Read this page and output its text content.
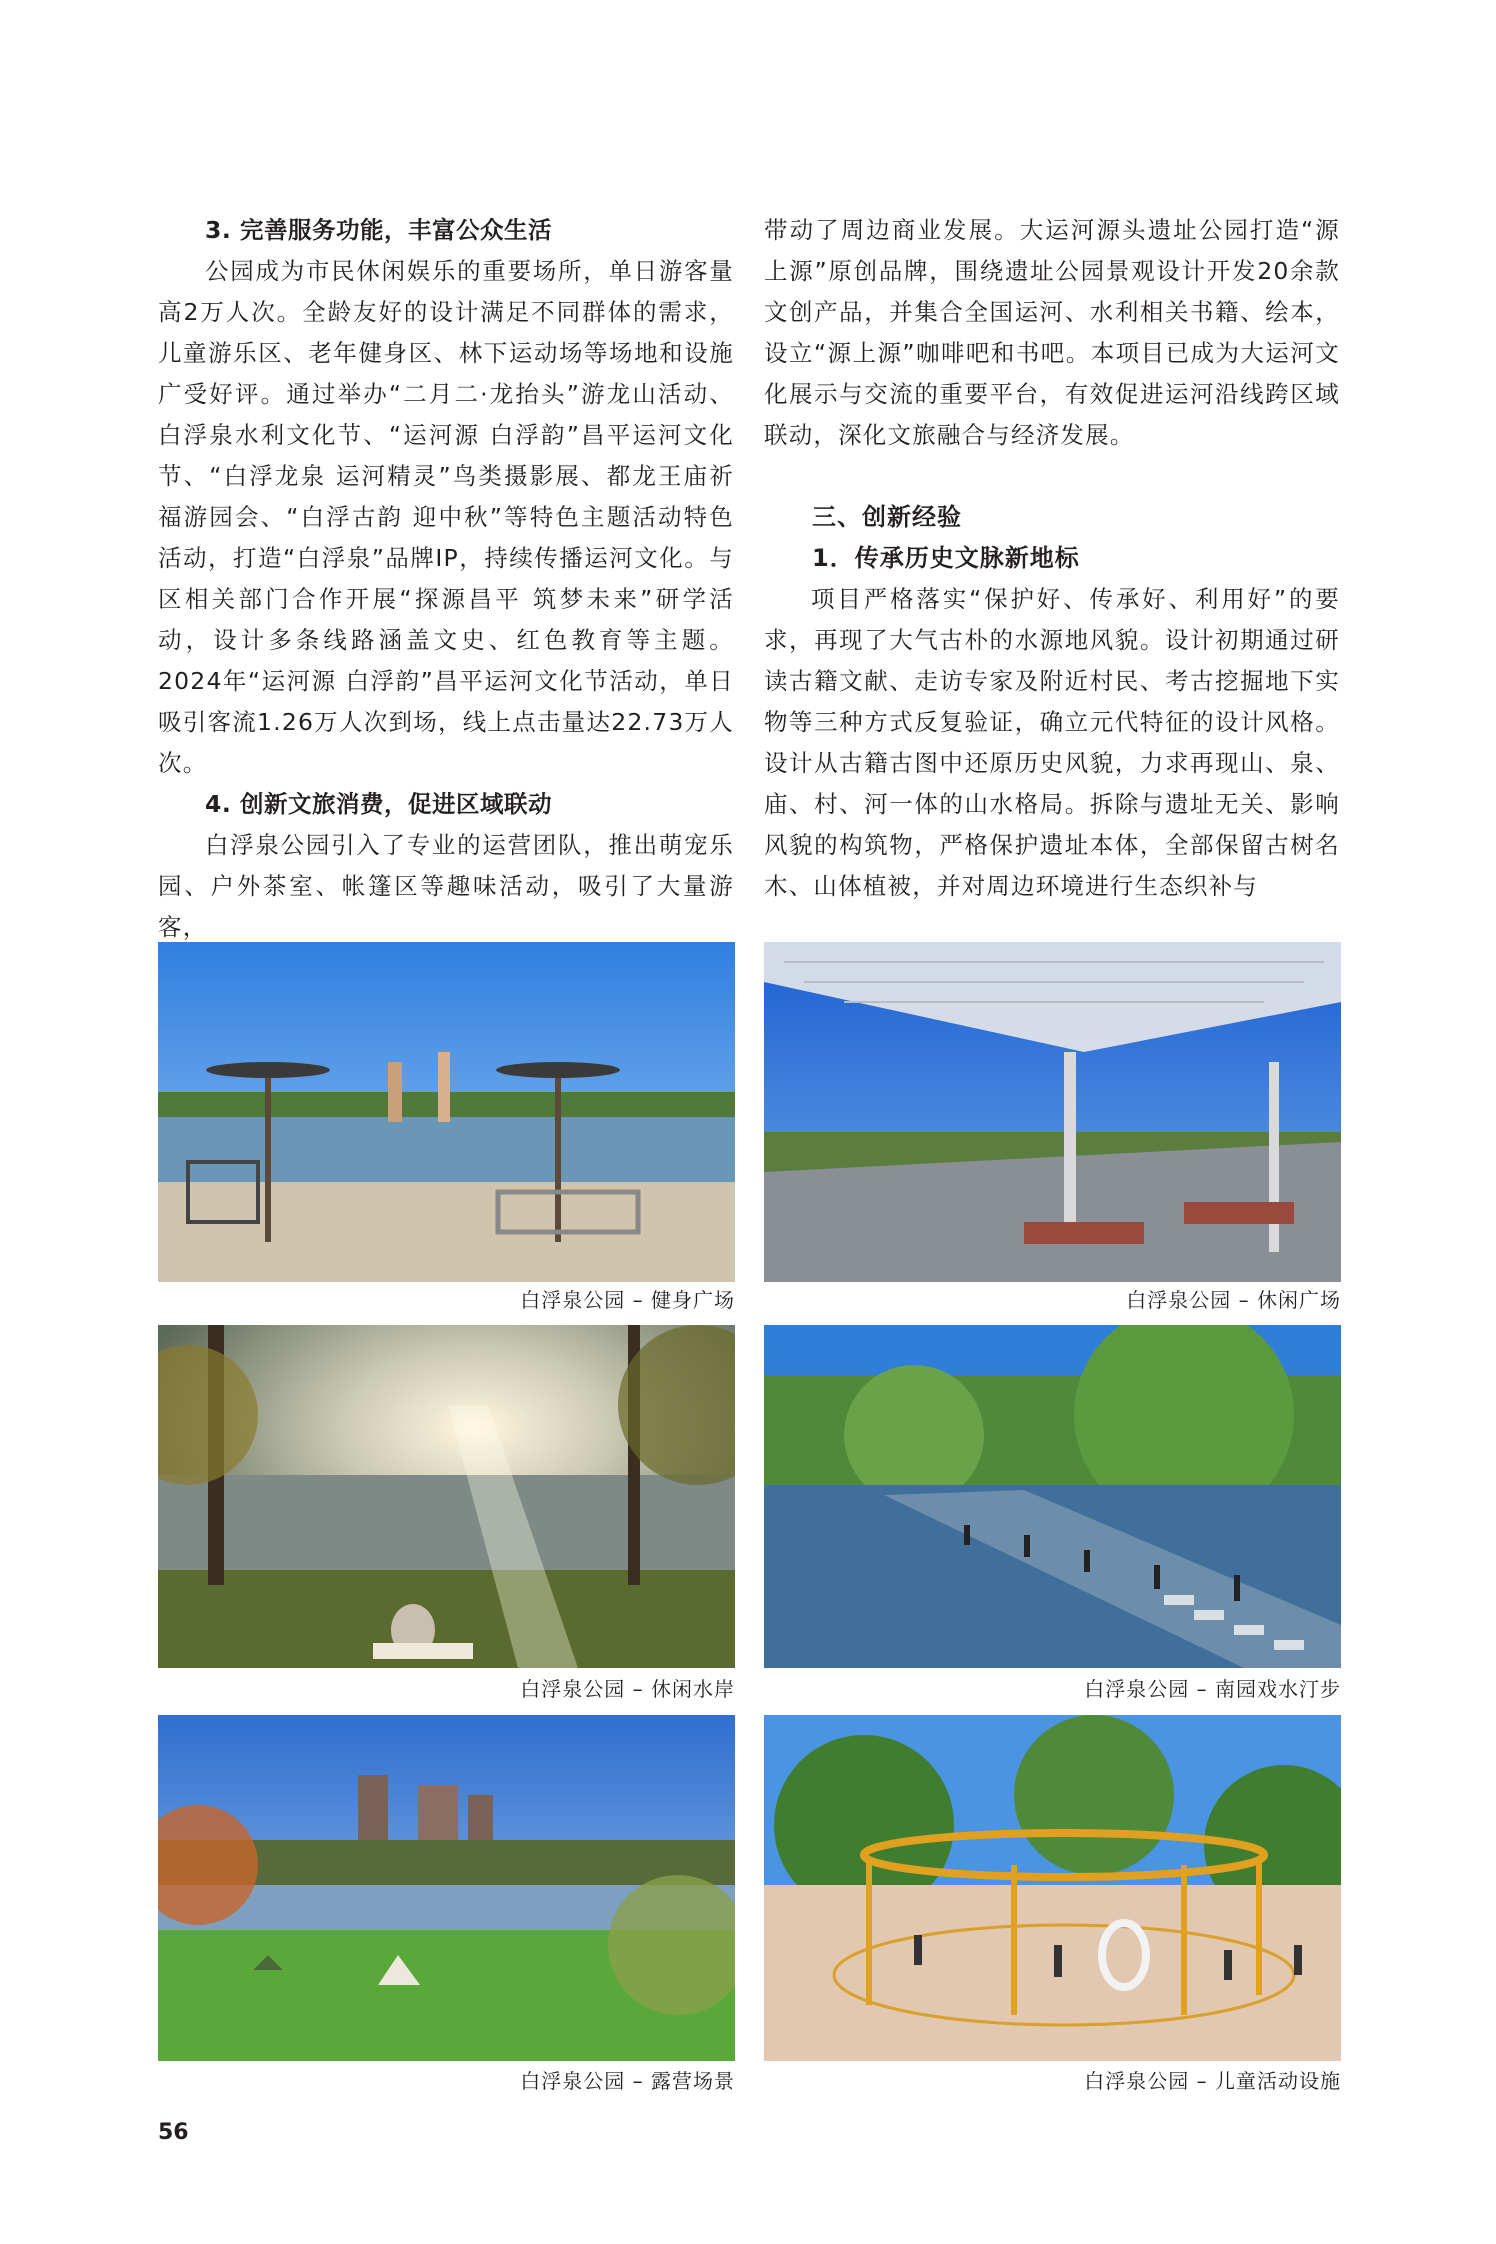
3. 完善服务功能，丰富公众生活

公园成为市民休闲娱乐的重要场所，单日游客量高2万人次。全龄友好的设计满足不同群体的需求，儿童游乐区、老年健身区、林下运动场等场地和设施广受好评。通过举办“二月二·龙抬头”游龙山活动、白浮泉水利文化节、“运河源 白浮韵”昌平运河文化节、“白浮龙泉 运河精灵”鸟类摄影展、都龙王庙祈福游园会、“白浮古韵 迎中秋”等特色主题活动特色活动，打造“白浮泉”品牌IP，持续传播运河文化。与区相关部门合作开展“探源昌平 筑梦未来”研学活动，设计多条线路涵盖文史、红色教育等主题。2024年“运河源 白浮韵”昌平运河文化节活动，单日吸引客流1.26万人次到场，线上点击量达22.73万人次。

4. 创新文旅消费，促进区域联动

白浮泉公园引入了专业的运营团队，推出萌宠乐园、户外茶室、帐篷区等趣味活动，吸引了大量游客，

带动了周边商业发展。大运河源头遗址公园打造“源上源”原创品牌，围绕遗址公园景观设计开发20余款文创产品，并集合全国运河、水利相关书籍、绘本，设立“源上源”咖啡吧和书吧。本项目已成为大运河文化展示与交流的重要平台，有效促进运河沿线跨区域联动，深化文旅融合与经济发展。

三、创新经验

1．传承历史文脉新地标

项目严格落实“保护好、传承好、利用好”的要求，再现了大气古朴的水源地风貌。设计初期通过研读古籍文献、走访专家及附近村民、考古挖掘地下实物等三种方式反复验证，确立元代特征的设计风格。设计从古籍古图中还原历史风貌，力求再现山、泉、庙、村、河一体的山水格局。拆除与遗址无关、影响风貌的构筑物，严格保护遗址本体，全部保留古树名木、山体植被，并对周边环境进行生态织补与

白浮泉公园 – 健身广场	白浮泉公园 – 休闲广场
白浮泉公园 – 休闲水岸	白浮泉公园 – 南园戏水汀步
白浮泉公园 – 露营场景	白浮泉公园 – 儿童活动设施
56
